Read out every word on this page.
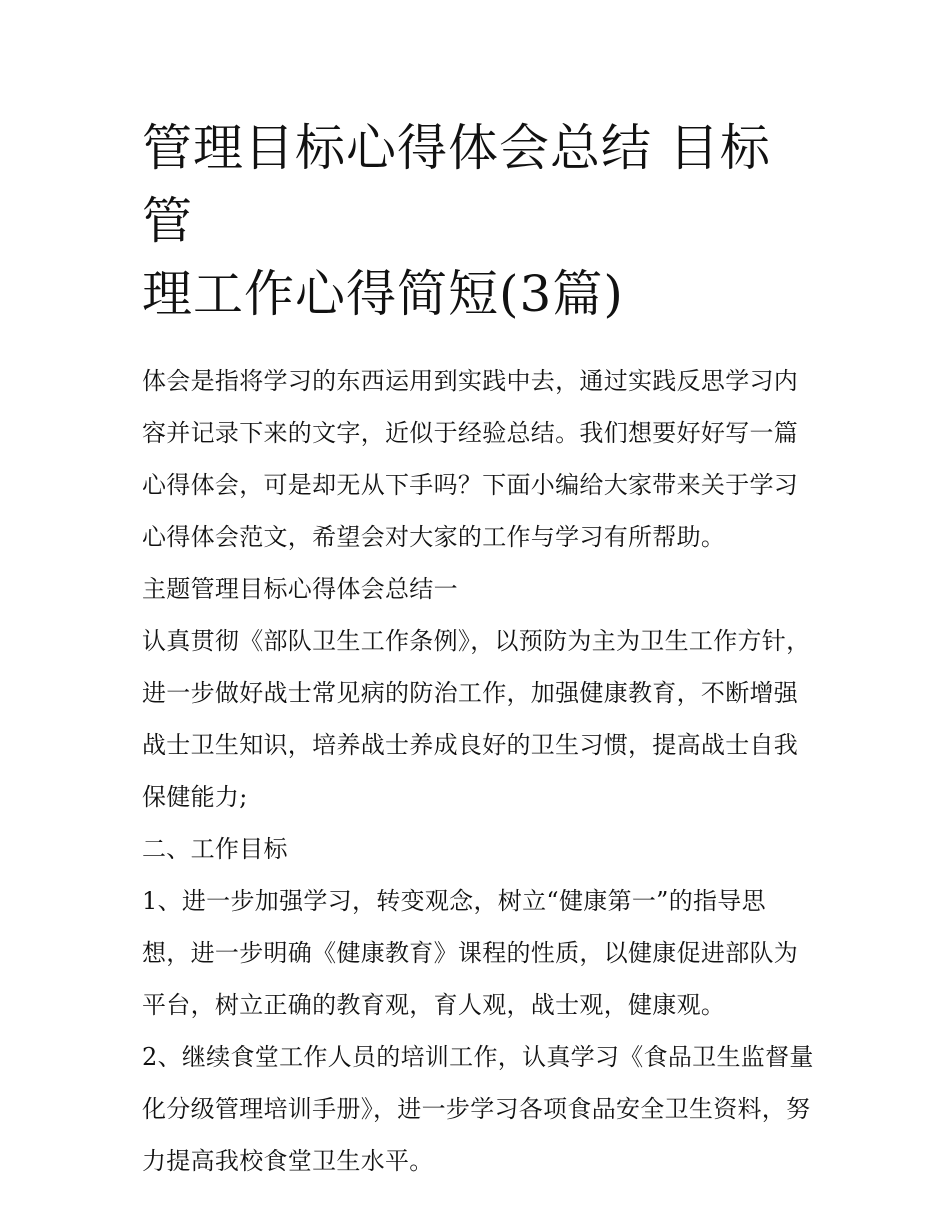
管理目标心得体会总结 目标管
理工作心得简短(3篇)

体会是指将学习的东西运用到实践中去，通过实践反思学习内容并记录下来的文字，近似于经验总结。我们想要好好写一篇心得体会，可是却无从下手吗？下面小编给大家带来关于学习心得体会范文，希望会对大家的工作与学习有所帮助。

主题管理目标心得体会总结一

认真贯彻《部队卫生工作条例》，以预防为主为卫生工作方针，进一步做好战士常见病的防治工作，加强健康教育，不断增强战士卫生知识，培养战士养成良好的卫生习惯，提高战士自我保健能力;

二、工作目标

1、进一步加强学习，转变观念，树立“健康第一”的指导思想，进一步明确《健康教育》课程的性质，以健康促进部队为平台，树立正确的教育观，育人观，战士观，健康观。

2、继续食堂工作人员的培训工作，认真学习《食品卫生监督量化分级管理培训手册》，进一步学习各项食品安全卫生资料，努力提高我校食堂卫生水平。
